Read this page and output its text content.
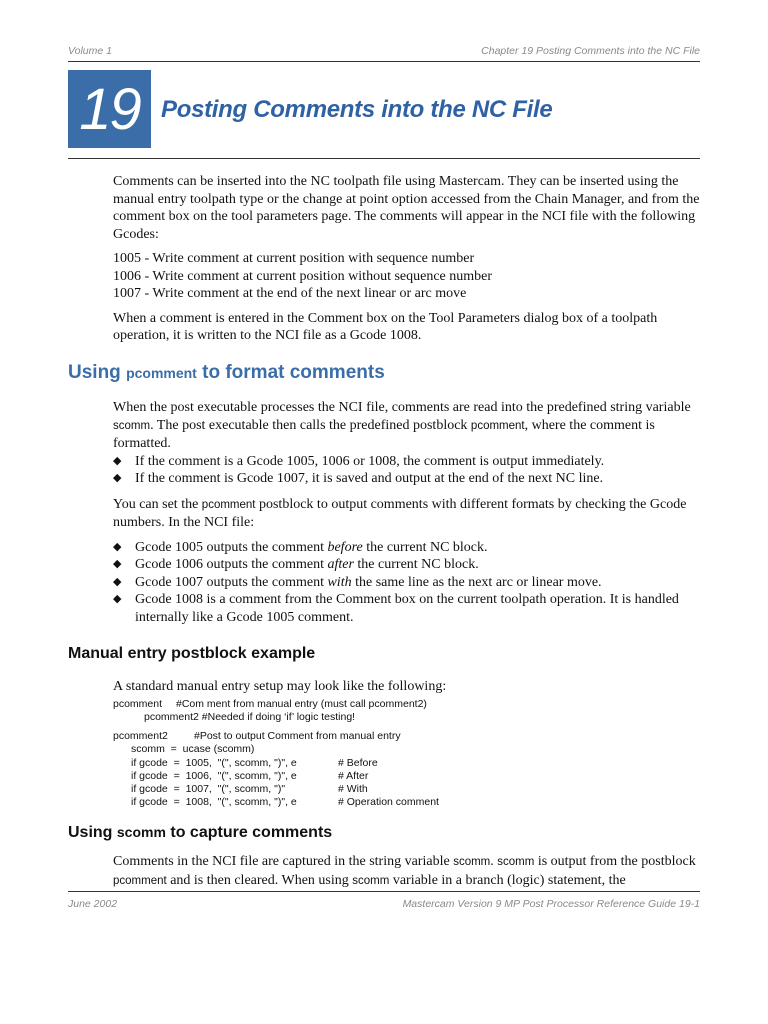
Volume 1	Chapter 19 Posting Comments into the NC File
19 Posting Comments into the NC File

Comments can be inserted into the NC toolpath file using Mastercam. They can be inserted using the manual entry toolpath type or the change at point option accessed from the Chain Manager, and from the comment box on the tool parameters page. The comments will appear in the NCI file with the following Gcodes:

1005 - Write comment at current position with sequence number

1006 - Write comment at current position without sequence number

1007 - Write comment at the end of the next linear or arc move

When a comment is entered in the Comment box on the Tool Parameters dialog box of a toolpath operation, it is written to the NCI file as a Gcode 1008.

Using pcomment to format comments

When the post executable processes the NCI file, comments are read into the predefined string variable scomm. The post executable then calls the predefined postblock pcomment, where the comment is formatted.

◆ If the comment is a Gcode 1005, 1006 or 1008, the comment is output immediately.
◆ If the comment is Gcode 1007, it is saved and output at the end of the next NC line.

You can set the pcomment postblock to output comments with different formats by checking the Gcode numbers. In the NCI file:

◆ Gcode 1005 outputs the comment before the current NC block.
◆ Gcode 1006 outputs the comment after the current NC block.
◆ Gcode 1007 outputs the comment with the same line as the next arc or linear move.
◆ Gcode 1008 is a comment from the Comment box on the current toolpath operation. It is handled internally like a Gcode 1005 comment.
Manual entry postblock example
A standard manual entry setup may look like the following:
pcomment #Com ment from manual entry (must call pcomment2)
pcomment2 #Needed if doing ‘if’ logic testing!
pcomment2 #Post to output Comment from manual entry
scomm  =  ucase (scomm)
if gcode  =  1005,  "(", scomm, ")", e	# Before
if gcode  =  1006,  "(", scomm, ")", e	# After
if gcode  =  1007,  "(", scomm, ")"	# With
if gcode  =  1008,  "(", scomm, ")", e	# Operation comment
Using scomm to capture comments

Comments in the NCI file are captured in the string variable scomm. scomm is output from the postblock pcomment and is then cleared. When using scomm variable in a branch (logic) statement, the

June 2002	Mastercam Version 9 MP Post Processor Reference Guide 19-1
